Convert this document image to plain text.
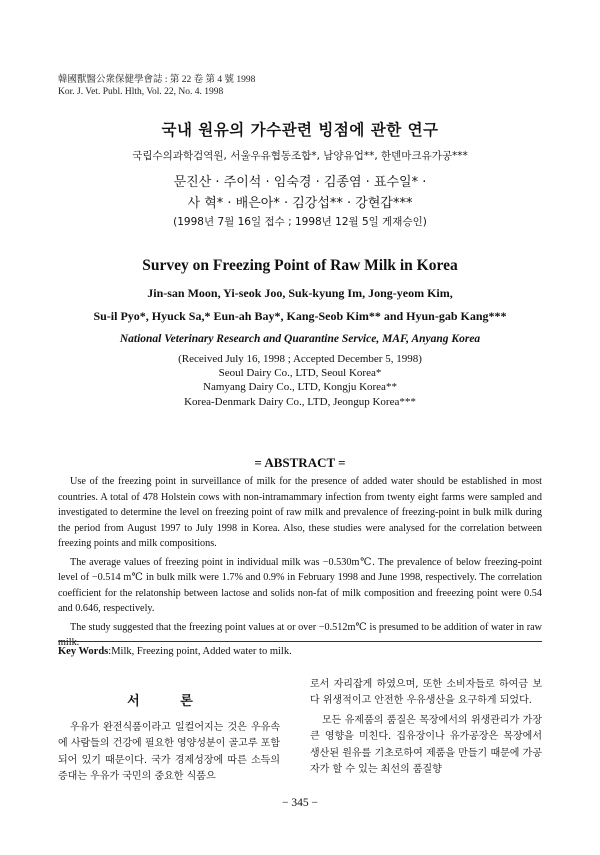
韓國獸醫公衆保健學會誌 : 第 22 卷 第 4 號 1998
Kor. J. Vet. Publ. Hlth, Vol. 22, No. 4. 1998
국내 원유의 가수관련 빙점에 관한 연구
국립수의과학검역원, 서울우유협동조합*, 남양유업**, 한덴마크유가공***
문진산 · 주이석 · 임숙경 · 김종염 · 표수일* ·
사 혁* · 배은아* · 김강섭** · 강현갑***
(1998년 7월 16일 접수 ; 1998년 12월 5일 게재승인)
Survey on Freezing Point of Raw Milk in Korea
Jin-san Moon, Yi-seok Joo, Suk-kyung Im, Jong-yeom Kim,
Su-il Pyo*, Hyuck Sa,* Eun-ah Bay*, Kang-Seob Kim** and Hyun-gab Kang***
National Veterinary Research and Quarantine Service, MAF, Anyang Korea
(Received July 16, 1998 ; Accepted December 5, 1998)
Seoul Dairy Co., LTD, Seoul Korea*
Namyang Dairy Co., LTD, Kongju Korea**
Korea-Denmark Dairy Co., LTD, Jeongup Korea***
= ABSTRACT =

Use of the freezing point in surveillance of milk for the presence of added water should be established in most countries. A total of 478 Holstein cows with non-intramammary infection from twenty eight farms were sampled and investigated to determine the level on freezing point of raw milk and prevalence of freezing-point in bulk milk during the period from August 1997 to July 1998 in Korea. Also, these studies were analysed for the correlation between freezing points and milk compositions.

The average values of freezing point in individual milk was −0.530m℃. The prevalence of below freezing-point level of −0.514 m℃ in bulk milk were 1.7% and 0.9% in February 1998 and June 1998, respectively. The correlation coefficient for the relatonship between lactose and solids non-fat of milk composition and freeezing point were 0.54 and 0.646, respectively.

The study suggested that the freezing point values at or over −0.512m℃ is presumed to be addition of water in raw milk.

Key Words:Milk, Freezing point, Added water to milk.
서 론

우유가 완전식품이라고 일컬어지는 것은 우유속에 사람들의 건강에 필요한 영양성분이 골고루 포함되어 있기 때문이다. 국가 경제성장에 따른 소득의 증대는 우유가 국민의 중요한 식품으

로서 자리잡게 하였으며, 또한 소비자들로 하여금 보다 위생적이고 안전한 우유생산을 요구하게 되었다.

모든 유제품의 품질은 목장에서의 위생관리가 가장 큰 영향을 미친다. 집유장이나 유가공장은 목장에서 생산된 원유를 기초로하여 제품을 만들기 때문에 가공자가 할 수 있는 최선의 품질향

− 345 −
